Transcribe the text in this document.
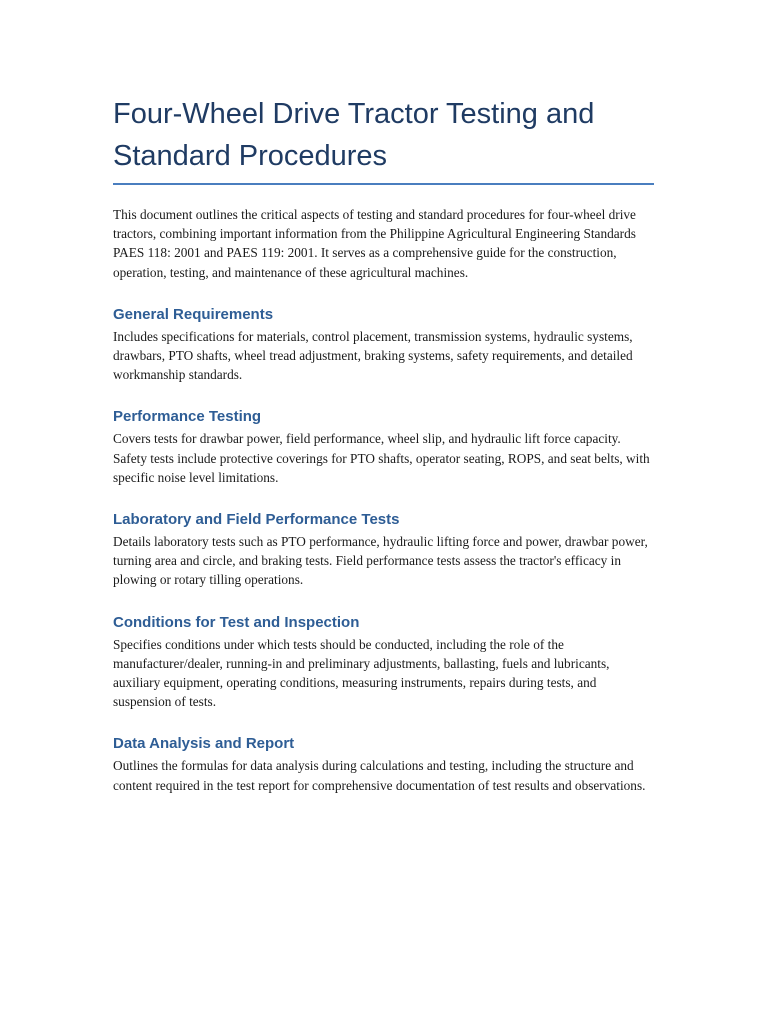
Four-Wheel Drive Tractor Testing and Standard Procedures

This document outlines the critical aspects of testing and standard procedures for four-wheel drive tractors, combining important information from the Philippine Agricultural Engineering Standards PAES 118: 2001 and PAES 119: 2001. It serves as a comprehensive guide for the construction, operation, testing, and maintenance of these agricultural machines.

General Requirements

Includes specifications for materials, control placement, transmission systems, hydraulic systems, drawbars, PTO shafts, wheel tread adjustment, braking systems, safety requirements, and detailed workmanship standards.

Performance Testing

Covers tests for drawbar power, field performance, wheel slip, and hydraulic lift force capacity. Safety tests include protective coverings for PTO shafts, operator seating, ROPS, and seat belts, with specific noise level limitations.

Laboratory and Field Performance Tests

Details laboratory tests such as PTO performance, hydraulic lifting force and power, drawbar power, turning area and circle, and braking tests. Field performance tests assess the tractor's efficacy in plowing or rotary tilling operations.

Conditions for Test and Inspection

Specifies conditions under which tests should be conducted, including the role of the manufacturer/dealer, running-in and preliminary adjustments, ballasting, fuels and lubricants, auxiliary equipment, operating conditions, measuring instruments, repairs during tests, and suspension of tests.

Data Analysis and Report

Outlines the formulas for data analysis during calculations and testing, including the structure and content required in the test report for comprehensive documentation of test results and observations.
